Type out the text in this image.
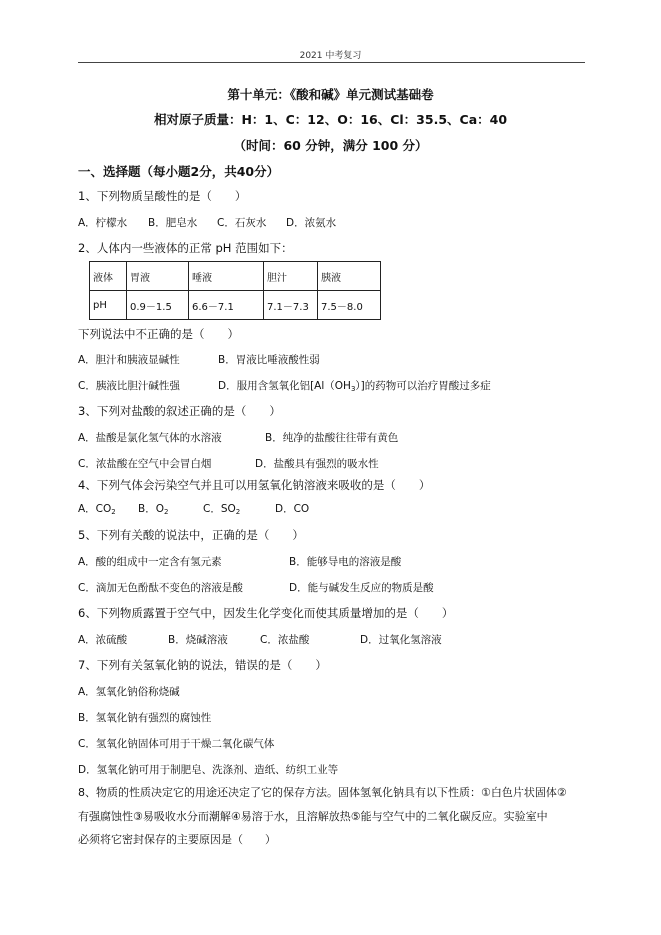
2021 中考复习
第十单元：《酸和碱》单元测试基础卷
相对原子质量：H：1、C：12、O：16、Cl：35.5、Ca：40
（时间：60 分钟，满分 100 分）
一、选择题（每小题2分，共40分）
1、下列物质呈酸性的是（　　）
A．柠檬水 B．肥皂水 C．石灰水 D．浓氨水
2、人体内一些液体的正常 pH 范围如下：
液体	胃液	唾液	胆汁	胰液
pH	0.9－1.5	6.6－7.1	7.1－7.3	7.5－8.0
下列说法中不正确的是（　　）
A．胆汁和胰液显碱性	B．胃液比唾液酸性弱
C．胰液比胆汁碱性强	D．服用含氢氧化铝$[Al(OH_3)]$的药物可以治疗胃酸过多症
3、下列对盐酸的叙述正确的是（　　）
A．盐酸是氯化氢气体的水溶液	B．纯净的盐酸往往带有黄色
C．浓盐酸在空气中会冒白烟	D．盐酸具有强烈的吸水性
4、下列气体会污染空气并且可以用氢氧化钠溶液来吸收的是（　　）
A．$CO_2$ B．$O_2$	C．$SO_2$	D．CO
5、下列有关酸的说法中，正确的是（　　）
A．酸的组成中一定含有氢元素	B．能够导电的溶液是酸
C．滴加无色酚酞不变色的溶液是酸	D．能与碱发生反应的物质是酸
6、下列物质露置于空气中，因发生化学变化而使其质量增加的是（　　）
A．浓硫酸	B．烧碱溶液	C．浓盐酸	D．过氧化氢溶液
7、下列有关氢氧化钠的说法，错误的是（　　）
A．氢氧化钠俗称烧碱
B．氢氧化钠有强烈的腐蚀性
C．氢氧化钠固体可用于干燥二氧化碳气体
D．氢氧化钠可用于制肥皂、洗涤剂、造纸、纺织工业等
8、物质的性质决定它的用途还决定了它的保存方法。固体氢氧化钠具有以下性质：①白色片状固体②
有强腐蚀性③易吸收水分而潮解④易溶于水，且溶解放热⑤能与空气中的二氧化碳反应。实验室中
必须将它密封保存的主要原因是（　　）
